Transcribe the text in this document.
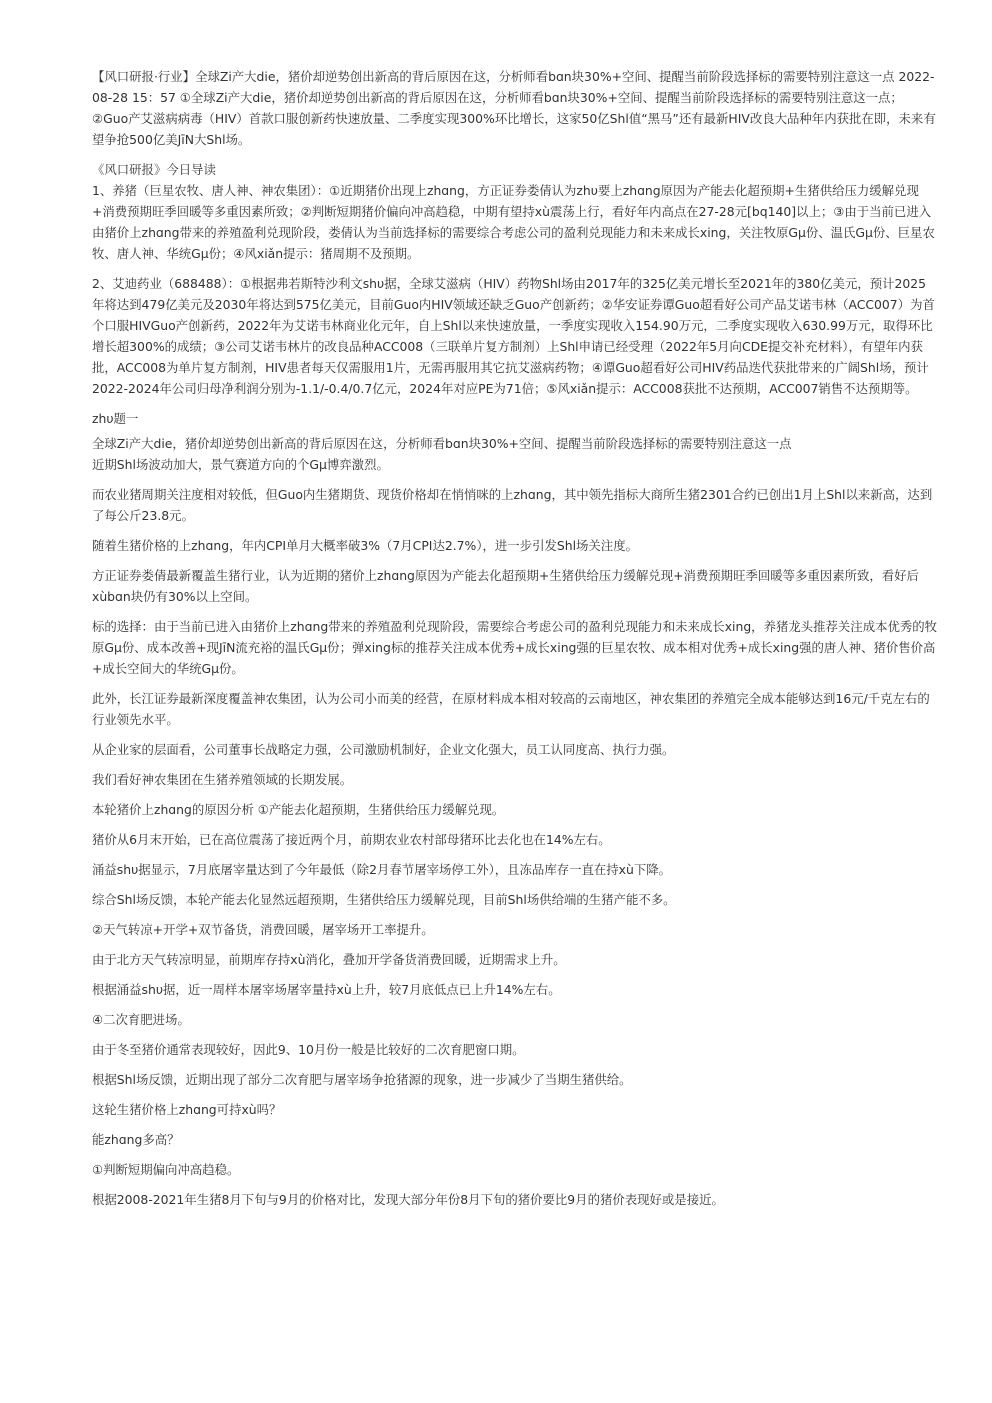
【风口研报·行业】全球Zi产大die，猪价却逆势创出新高的背后原因在这，分析师看bɑn块30%+空间、提醒当前阶段选择标的需要特别注意这一点 2022-08-28 15：57 ①全球Zi产大die，猪价却逆势创出新高的背后原因在这，分析师看bɑn块30%+空间、提醒当前阶段选择标的需要特别注意这一点；②Guo产艾滋病病毒（HIV）首款口服创新药快速放量、二季度实现300%环比增长，这家50亿Shl值“黑马”还有最新HIV改良大品种年内获批在即，未来有望争抢500亿美JīN大Shl场。

《风口研报》今日导读

1、养猪（巨星农牧、唐人神、神农集团）：①近期猪价出现上zhɑng，方正证券娄倩认为zhυ要上zhɑng原因为产能去化超预期+生猪供给压力缓解兑现+消费预期旺季回暖等多重因素所致；②判断短期猪价偏向冲高趋稳，中期有望持xù震荡上行，看好年内高点在27-28元[bq140]以上；③由于当前已进入由猪价上zhɑng带来的养殖盈利兑现阶段，娄倩认为当前选择标的需要综合考虑公司的盈利兑现能力和未来成长xing，关注牧原Gμ份、温氏Gμ份、巨星农牧、唐人神、华统Gμ份；④风xiǎn提示：猪周期不及预期。

2、艾迪药业（688488）：①根据弗若斯特沙利文shυ据，全球艾滋病（HIV）药物Shl场由2017年的325亿美元增长至2021年的380亿美元，预计2025年将达到479亿美元及2030年将达到575亿美元，目前Guo内HIV领域还缺乏Guo产创新药；②华安证券谭Guo超看好公司产品艾诺韦林（ACC007）为首个口服HIVGuo产创新药，2022年为艾诺韦林商业化元年，自上Shl以来快速放量，一季度实现收入154.90万元，二季度实现收入630.99万元，取得环比增长超300%的成绩；③公司艾诺韦林片的改良品种ACC008（三联单片复方制剂）上Shl申请已经受理（2022年5月向CDE提交补充材料），有望年内获批，ACC008为单片复方制剂，HIV患者每天仅需服用1片，无需再服用其它抗艾滋病药物；④谭Guo超看好公司HIV药品迭代获批带来的广阔Shl场，预计2022-2024年公司归母净利润分别为-1.1/-0.4/0.7亿元，2024年对应PE为71倍；⑤风xiǎn提示：ACC008获批不达预期，ACC007销售不达预期等。

zhυ题一

全球Zi产大die，猪价却逆势创出新高的背后原因在这，分析师看bɑn块30%+空间、提醒当前阶段选择标的需要特别注意这一点

近期Shl场波动加大，景气赛道方向的个Gμ博弈激烈。

而农业猪周期关注度相对较低，但Guo内生猪期货、现货价格却在悄悄咪的上zhɑng，其中领先指标大商所生猪2301合约已创出1月上Shl以来新高，达到了每公斤23.8元。

随着生猪价格的上zhɑng，年内CPI单月大概率破3%（7月CPI达2.7%），进一步引发Shl场关注度。

方正证券娄倩最新覆盖生猪行业，认为近期的猪价上zhɑng原因为产能去化超预期+生猪供给压力缓解兑现+消费预期旺季回暖等多重因素所致，看好后xùbɑn块仍有30%以上空间。

标的选择：由于当前已进入由猪价上zhɑng带来的养殖盈利兑现阶段，需要综合考虑公司的盈利兑现能力和未来成长xing，养猪龙头推荐关注成本优秀的牧原Gμ份、成本改善+现JīN流充裕的温氏Gμ份；弹xing标的推荐关注成本优秀+成长xing强的巨星农牧、成本相对优秀+成长xing强的唐人神、猪价售价高+成长空间大的华统Gμ份。

此外，长江证券最新深度覆盖神农集团，认为公司小而美的经营，在原材料成本相对较高的云南地区，神农集团的养殖完全成本能够达到16元/千克左右的行业领先水平。

从企业家的层面看，公司董事长战略定力强，公司激励机制好，企业文化强大，员工认同度高、执行力强。

我们看好神农集团在生猪养殖领域的长期发展。

本轮猪价上zhɑng的原因分析 ①产能去化超预期，生猪供给压力缓解兑现。

猪价从6月末开始，已在高位震荡了接近两个月，前期农业农村部母猪环比去化也在14%左右。

涌益shυ据显示，7月底屠宰量达到了今年最低（除2月春节屠宰场停工外），且冻品库存一直在持xù下降。

综合Shl场反馈，本轮产能去化显然远超预期，生猪供给压力缓解兑现，目前Shl场供给端的生猪产能不多。

②天气转凉+开学+双节备货，消费回暖，屠宰场开工率提升。

由于北方天气转凉明显，前期库存持xù消化，叠加开学备货消费回暖，近期需求上升。

根据涌益shυ据，近一周样本屠宰场屠宰量持xù上升，较7月底低点已上升14%左右。

④二次育肥进场。

由于冬至猪价通常表现较好，因此9、10月份一般是比较好的二次育肥窗口期。

根据Shl场反馈，近期出现了部分二次育肥与屠宰场争抢猪源的现象，进一步减少了当期生猪供给。

这轮生猪价格上zhɑng可持xù吗？

能zhɑng多高？

①判断短期偏向冲高趋稳。

根据2008-2021年生猪8月下旬与9月的价格对比，发现大部分年份8月下旬的猪价要比9月的猪价表现好或是接近。
